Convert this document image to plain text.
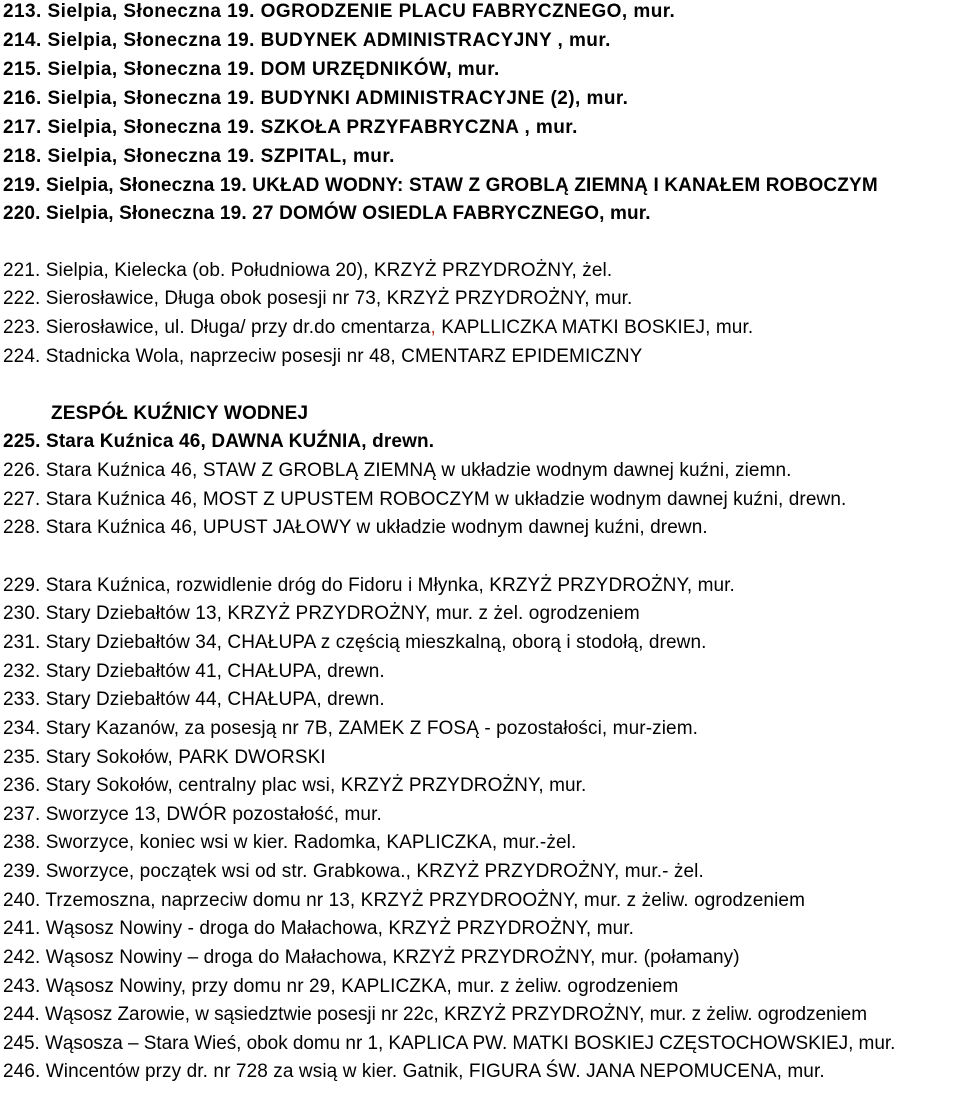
213. Sielpia, Słoneczna 19. OGRODZENIE PLACU FABRYCZNEGO, mur.
214. Sielpia, Słoneczna 19. BUDYNEK ADMINISTRACYJNY , mur.
215. Sielpia, Słoneczna 19. DOM URZĘDNIKÓW, mur.
216. Sielpia, Słoneczna 19. BUDYNKI ADMINISTRACYJNE (2), mur.
217. Sielpia, Słoneczna 19. SZKOŁA PRZYFABRYCZNA , mur.
218. Sielpia, Słoneczna 19. SZPITAL, mur.
219. Sielpia, Słoneczna 19. UKŁAD WODNY: STAW Z GROBLĄ ZIEMNĄ I KANAŁEM ROBOCZYM
220. Sielpia, Słoneczna 19. 27 DOMÓW OSIEDLA FABRYCZNEGO, mur.
221. Sielpia, Kielecka (ob. Południowa 20), KRZYŻ PRZYDROŻNY, żel.
222. Sierosławice, Długa obok posesji nr 73, KRZYŻ PRZYDROŻNY, mur.
223. Sierosławice, ul. Długa/ przy dr.do cmentarza, KAPLLICZKA MATKI BOSKIEJ, mur.
224. Stadnicka Wola, naprzeciw posesji nr 48, CMENTARZ EPIDEMICZNY
ZESPÓŁ KUŹNICY WODNEJ
225. Stara Kuźnica 46, DAWNA KUŹNIA, drewn.
226. Stara Kuźnica 46, STAW Z GROBLĄ ZIEMNĄ w układzie wodnym dawnej kuźni, ziemn.
227. Stara Kuźnica 46, MOST Z UPUSTEM ROBOCZYM w układzie wodnym dawnej kuźni, drewn.
228. Stara Kuźnica 46, UPUST JAŁOWY w układzie wodnym dawnej kuźni, drewn.
229. Stara Kuźnica, rozwidlenie dróg do Fidoru i Młynka, KRZYŻ PRZYDROŻNY, mur.
230. Stary Dziebałtów 13, KRZYŻ PRZYDROŻNY, mur. z żel. ogrodzeniem
231. Stary Dziebałtów 34, CHAŁUPA z częścią mieszkalną, oborą i stodołą, drewn.
232. Stary Dziebałtów 41, CHAŁUPA, drewn.
233. Stary Dziebałtów 44, CHAŁUPA, drewn.
234. Stary Kazanów, za posesją nr 7B, ZAMEK Z FOSĄ - pozostałości, mur-ziem.
235. Stary Sokołów, PARK DWORSKI
236. Stary Sokołów, centralny plac wsi, KRZYŻ PRZYDROŻNY, mur.
237. Sworzyce 13, DWÓR pozostałość, mur.
238. Sworzyce, koniec wsi w kier. Radomka, KAPLICZKA, mur.-żel.
239. Sworzyce, początek wsi od str. Grabkowa., KRZYŻ PRZYDROŻNY, mur.- żel.
240. Trzemoszna, naprzeciw domu nr 13, KRZYŻ PRZYDROOŻNY, mur. z żeliw. ogrodzeniem
241. Wąsosz Nowiny - droga do Małachowa, KRZYŻ PRZYDROŻNY, mur.
242. Wąsosz Nowiny – droga do Małachowa, KRZYŻ PRZYDROŻNY, mur. (połamany)
243. Wąsosz Nowiny, przy domu nr 29, KAPLICZKA, mur. z żeliw. ogrodzeniem
244. Wąsosz Zarowie, w sąsiedztwie posesji nr 22c, KRZYŻ PRZYDROŻNY, mur. z żeliw. ogrodzeniem
245. Wąsosza – Stara Wieś, obok domu nr 1, KAPLICA PW. MATKI BOSKIEJ CZĘSTOCHOWSKIEJ, mur.
246. Wincentów przy dr. nr 728 za wsią w kier. Gatnik, FIGURA ŚW. JANA NEPOMUCENA, mur.
